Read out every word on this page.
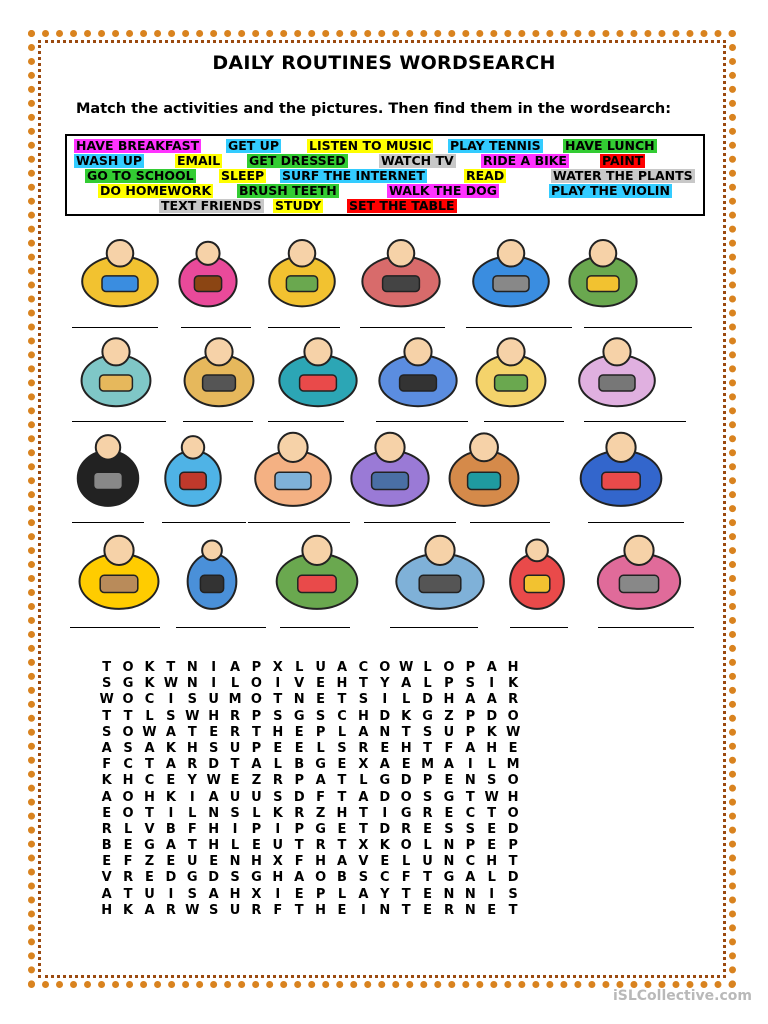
DAILY ROUTINES WORDSEARCH
Match the activities and the pictures. Then find them in the wordsearch:
HAVE BREAKFAST GET UP LISTEN TO MUSIC PLAY TENNIS HAVE LUNCH
WASH UP	EMAIL GET DRESSED	WATCH TV RIDE A BIKE	PAINT
GO TO SCHOOL SLEEP SURF THE INTERNET	READ	WATER THE PLANTS
DO HOMEWORK BRUSH TEETH	WALK THE DOG	PLAY THE VIOLIN
TEXT FRIENDS STUDY SET THE TABLE
T O K T N	I	A P X L U A C O W L O P A H
S G K W N	I	L O	I	V E H T Y A L P S	I	K
W O C	I	S U M O T N E T S	I	L D H A A R
T T L S W H R P S G S C H D K G Z P D O
S O W A T E R T H E P L A N T S U P K W
A S A K H S U P E E L S R E H T F A H E
F C T A R D T A L B G E X A E M A	I	L M
K H C E Y W E Z R P A T L G D P E N S O
A O H K	I	A U U S D F T A D O S G T W H
E O T	I	L N S L K R Z H T	I	G R E C T O
R L V B F H	I	P	I	P G E T D R E S S E D
B E G A T H L E U T R T X K O L N P E P
E F Z E U E N H X F H A V E L U N C H T
V R E D G D S G H A O B S C F T G A L D
A T U	I	S A H X	I	E P L A Y T E N N	I	S
H K A R W S U R F T H E	I	N T E R N E T
iSLCollective.com
